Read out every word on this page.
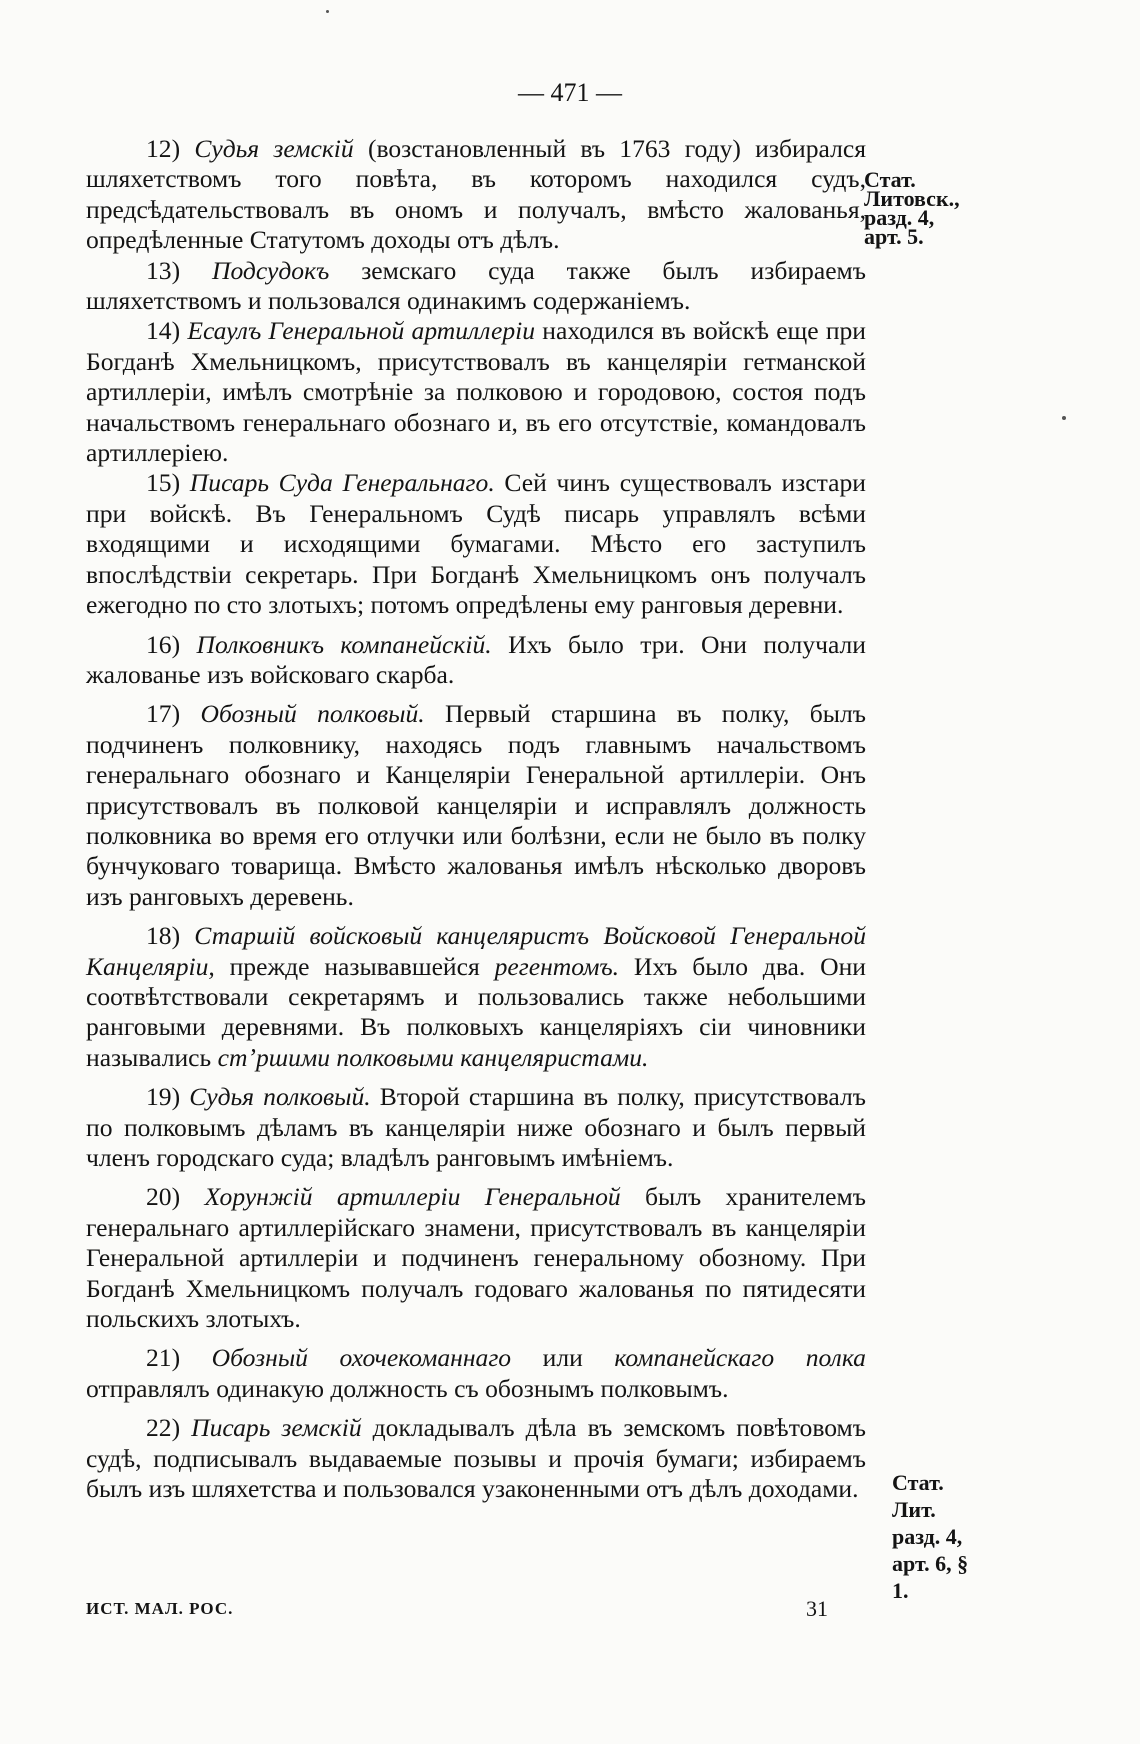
— 471 —

12) Судья земскій (возстановленный въ 1763 году) избирался шляхетствомъ того повѣта, въ которомъ находился судъ, предсѣдательствовалъ въ ономъ и получалъ, вмѣсто жалованья, опредѣленные Статутомъ доходы отъ дѣлъ.

13) Подсудокъ земскаго суда также былъ избираемъ шляхетствомъ и пользовался одинакимъ содержаніемъ.

14) Есаулъ Генеральной артиллеріи находился въ войскѣ еще при Богданѣ Хмельницкомъ, присутствовалъ въ канцеляріи гетманской артиллеріи, имѣлъ смотрѣніе за полковою и городовою, состоя подъ начальствомъ генеральнаго обознаго и, въ его отсутствіе, командовалъ артиллеріею.

15) Писарь Суда Генеральнаго. Сей чинъ существовалъ изстари при войскѣ. Въ Генеральномъ Судѣ писарь управлялъ всѣми входящими и исходящими бумагами. Мѣсто его заступилъ впослѣдствіи секретарь. При Богданѣ Хмельницкомъ онъ получалъ ежегодно по сто злотыхъ; потомъ опредѣлены ему ранговыя деревни.

16) Полковникъ компанейскій. Ихъ было три. Они получали жалованье изъ войсковаго скарба.

17) Обозный полковый. Первый старшина въ полку, былъ подчиненъ полковнику, находясь подъ главнымъ начальствомъ генеральнаго обознаго и Канцеляріи Генеральной артиллеріи. Онъ присутствовалъ въ полковой канцеляріи и исправлялъ должность полковника во время его отлучки или болѣзни, если не было въ полку бунчуковаго товарища. Вмѣсто жалованья имѣлъ нѣсколько дворовъ изъ ранговыхъ деревень.

18) Старшій войсковый канцеляристъ Войсковой Генеральной Канцеляріи, прежде называвшейся регентомъ. Ихъ было два. Они соотвѣтствовали секретарямъ и пользовались также небольшими ранговыми деревнями. Въ полковыхъ канцеляріяхъ сіи чиновники назывались стʼршими полковыми канцеляристами.

19) Судья полковый. Второй старшина въ полку, присутствовалъ по полковымъ дѣламъ въ канцеляріи ниже обознаго и былъ первый членъ городскаго суда; владѣлъ ранговымъ имѣніемъ.

20) Хорунжій артиллеріи Генеральной былъ хранителемъ генеральнаго артиллерійскаго знамени, присутствовалъ въ канцеляріи Генеральной артиллеріи и подчиненъ генеральному обозному. При Богданѣ Хмельницкомъ получалъ годоваго жалованья по пятидесяти польскихъ злотыхъ.

21) Обозный охочекоманнаго или компанейскаго полка отправлялъ одинакую должность съ обознымъ полковымъ.

22) Писарь земскій докладывалъ дѣла въ земскомъ повѣтовомъ судѣ, подписывалъ выдаваемые позывы и прочія бумаги; избираемъ былъ изъ шляхетства и пользовался узаконенными отъ дѣлъ доходами.

Стат. Литовск., разд. 4, арт. 5.
Стат. Лит. разд. 4, арт. 6, § 1.
ИСТ. МАЛ. РОС.	31
